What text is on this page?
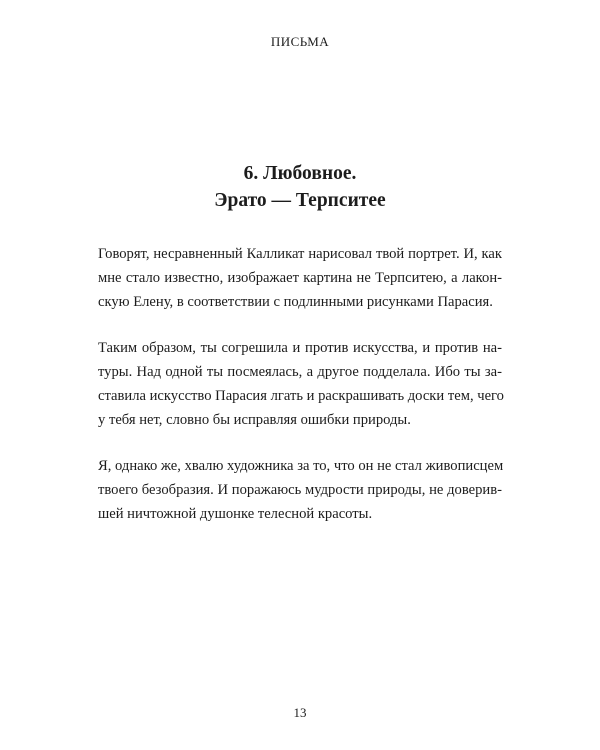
ПИСЬМА
6. Любовное.
Эрато — Терпситее

Говорят, несравненный Калликат нарисовал твой портрет. И, как
мне стало известно, изображает картина не Терпситею, а лакон-
скую Елену, в соответствии с подлинными рисунками Парасия.

Таким образом, ты согрешила и против искусства, и против на-
туры. Над одной ты посмеялась, а другое подделала. Ибо ты за-
ставила искусство Парасия лгать и раскрашивать доски тем, чего
у тебя нет, словно бы исправляя ошибки природы.

Я, однако же, хвалю художника за то, что он не стал живописцем
твоего безобразия. И поражаюсь мудрости природы, не доверив-
шей ничтожной душонке телесной красоты.

13
